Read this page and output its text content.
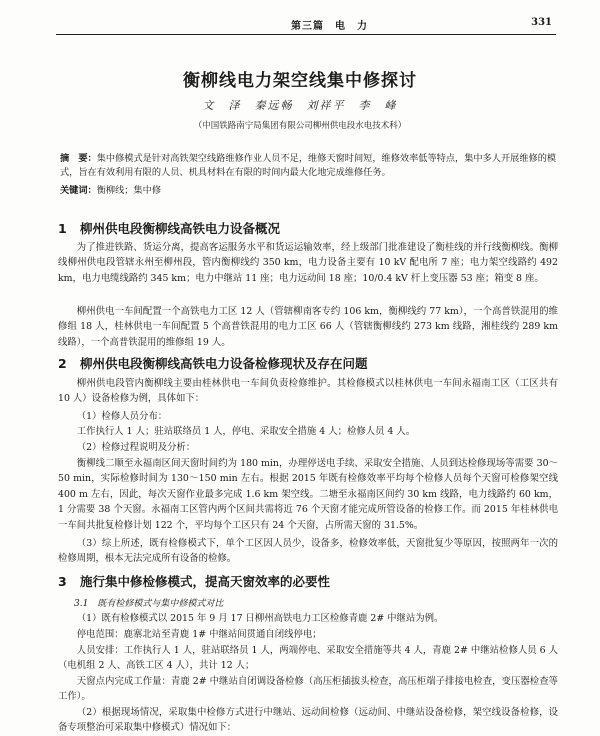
第三篇　电　力	331
衡柳线电力架空线集中修探讨
文　泽　秦远畅　刘祥平　李　峰
（中国铁路南宁局集团有限公司柳州供电段水电技术科）
摘　要：集中修模式是针对高铁架空线路维修作业人员不足，维修天窗时间短，维修效率低等特点，集中多人开展维修的模式，旨在有效利用有限的人员、机具材料在有限的时间内最大化地完成维修任务。
关键词：衡柳线；集中修
1 柳州供电段衡柳线高铁电力设备概况
为了推进铁路、货运分离，提高客运服务水平和货运运输效率，经上级部门批准建设了衡桂线的并行线衡柳线。衡柳线柳州供电段管辖永州至柳州段，管内衡柳线约 350 km，电力设备主要有 10 kV 配电所 7 座；电力架空线路约 492 km，电力电缆线路约 345 km；电力中继站 11 座；电力远动间 18 座；10/0.4 kV 杆上变压器 53 座；箱变 8 座。
柳州供电一车间配置一个高铁电力工区 12 人（管辖柳南客专约 106 km，衡柳线约 77 km），一个高普铁混用的维修组 18 人，桂林供电一车间配置 5 个高普铁混用的电力工区 66 人（管辖衡柳线约 273 km 线路，湘桂线约 289 km 线路），一个高普铁混用的维修组 19 人。
2 柳州供电段衡柳线高铁电力设备检修现状及存在问题
柳州供电段管内衡柳线主要由桂林供电一车间负责检修维护。其检修模式以桂林供电一车间永福南工区（工区共有 10 人）设备检修为例，具体如下：
（1）检修人员分布：
工作执行人 1 人；驻站联络员 1 人，停电、采取安全措施 4 人；检修人员 4 人。
（2）检修过程说明及分析：
衡柳线二顺至永福南区间天窗时间约为 180 min，办理停送电手续、采取安全措施、人员到达检修现场等需要 30～50 min，实际检修时间为 130～150 min 左右。根据 2015 年既有检修效率平均每个检修人员每个天窗可检修架空线 400 m 左右，因此，每次天窗作业最多完成 1.6 km 架空线。二塘至永福南区间约 30 km 线路，电力线路约 60 km，1 分需要 38 个天窗。永福南工区管内两个区间共需将近 76 个天窗才能完成所管设备的检修工作。而 2015 年桂林供电一车间共批复检修计划 122 个，平均每个工区只有 24 个天窗，占所需天窗的 31.5%。
（3）综上所述，既有检修模式下，单个工区因人员少，设备多，检修效率低，天窗批复少等原因，按照两年一次的检修周期，根本无法完成所有设备的检修。
3 施行集中修检修模式，提高天窗效率的必要性
3.1　既有检修模式与集中修模式对比
（1）既有检修模式以 2015 年 9 月 17 日柳州高铁电力工区检修青鹿 2# 中继站为例。
停电范围：鹿寨北站至青鹿 1# 中继站间贯通自闭线停电；
人员安排：工作执行人 1 人，驻站联络员 1 人，两端停电、采取安全措施等共 4 人，青鹿 2# 中继站检修人员 6 人（电机组 2 人、高铁工区 4 人），共计 12 人；
天窗点内完成工作量：青鹿 2# 中继站自闭调设备检修（高压柜插拔头检查，高压柜端子排接电检查，变压器检查等工作）。
（2）根据现场情况，采取集中检修方式进行中继站、远动间检修（远动间、中继站设备检修，架空线设备检修，设备专项整治可采取集中修模式）情况如下：
